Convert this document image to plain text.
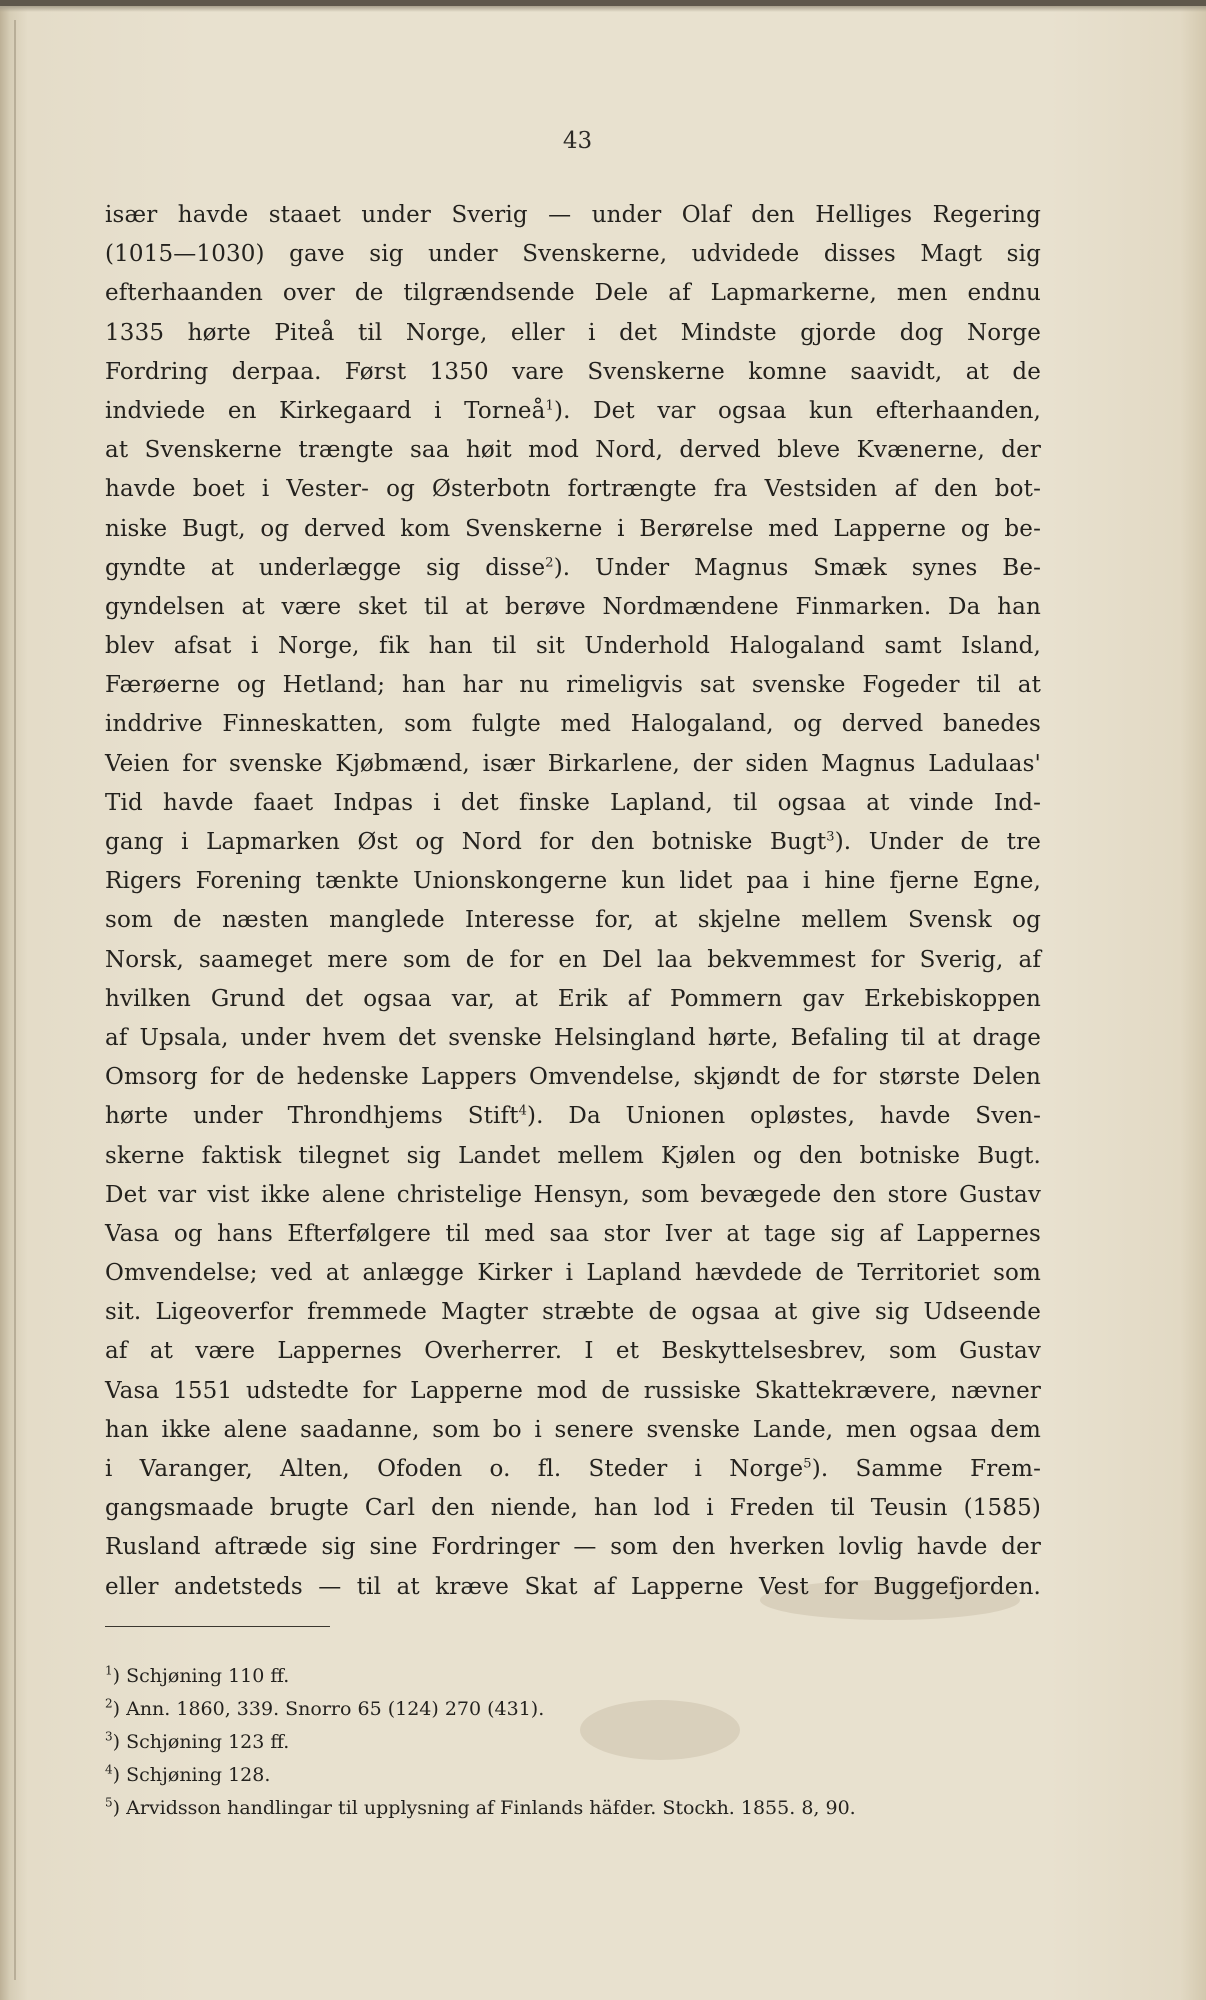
43
især havde staaet under Sverig — under Olaf den Helliges Regering
(1015—1030) gave sig under Svenskerne, udvidede disses Magt sig
efterhaanden over de tilgrændsende Dele af Lapmarkerne, men endnu
1335 hørte Piteå til Norge, eller i det Mindste gjorde dog Norge
Fordring derpaa. Først 1350 vare Svenskerne komne saavidt, at de
indviede en Kirkegaard i Torneå$^1$). Det var ogsaa kun efterhaanden,
at Svenskerne trængte saa høit mod Nord, derved bleve Kvænerne, der
havde boet i Vester- og Østerbotn fortrængte fra Vestsiden af den bot-
niske Bugt, og derved kom Svenskerne i Berørelse med Lapperne og be-
gyndte at underlægge sig disse$^2$). Under Magnus Smæk synes Be-
gyndelsen at være sket til at berøve Nordmændene Finmarken. Da han
blev afsat i Norge, fik han til sit Underhold Halogaland samt Island,
Færøerne og Hetland; han har nu rimeligvis sat svenske Fogeder til at
inddrive Finneskatten, som fulgte med Halogaland, og derved banedes
Veien for svenske Kjøbmænd, især Birkarlene, der siden Magnus Ladulaas'
Tid havde faaet Indpas i det finske Lapland, til ogsaa at vinde Ind-
gang i Lapmarken Øst og Nord for den botniske Bugt$^3$). Under de tre
Rigers Forening tænkte Unionskongerne kun lidet paa i hine fjerne Egne,
som de næsten manglede Interesse for, at skjelne mellem Svensk og
Norsk, saameget mere som de for en Del laa bekvemmest for Sverig, af
hvilken Grund det ogsaa var, at Erik af Pommern gav Erkebiskoppen
af Upsala, under hvem det svenske Helsingland hørte, Befaling til at drage
Omsorg for de hedenske Lappers Omvendelse, skjøndt de for største Delen
hørte under Throndhjems Stift$^4$). Da Unionen opløstes, havde Sven-
skerne faktisk tilegnet sig Landet mellem Kjølen og den botniske Bugt.
Det var vist ikke alene christelige Hensyn, som bevægede den store Gustav
Vasa og hans Efterfølgere til med saa stor Iver at tage sig af Lappernes
Omvendelse; ved at anlægge Kirker i Lapland hævdede de Territoriet som
sit. Ligeoverfor fremmede Magter stræbte de ogsaa at give sig Udseende
af at være Lappernes Overherrer. I et Beskyttelsesbrev, som Gustav
Vasa 1551 udstedte for Lapperne mod de russiske Skattekrævere, nævner
han ikke alene saadanne, som bo i senere svenske Lande, men ogsaa dem
i Varanger, Alten, Ofoden o. fl. Steder i Norge$^5$). Samme Frem-
gangsmaade brugte Carl den niende, han lod i Freden til Teusin (1585)
Rusland aftræde sig sine Fordringer — som den hverken lovlig havde der
eller andetsteds — til at kræve Skat af Lapperne Vest for Buggefjorden.
$^1$) Schjøning 110 ff.
$^2$) Ann. 1860, 339. Snorro 65 (124) 270 (431).
$^3$) Schjøning 123 ff.
$^4$) Schjøning 128.
$^5$) Arvidsson handlingar til upplysning af Finlands häfder. Stockh. 1855. 8, 90.
